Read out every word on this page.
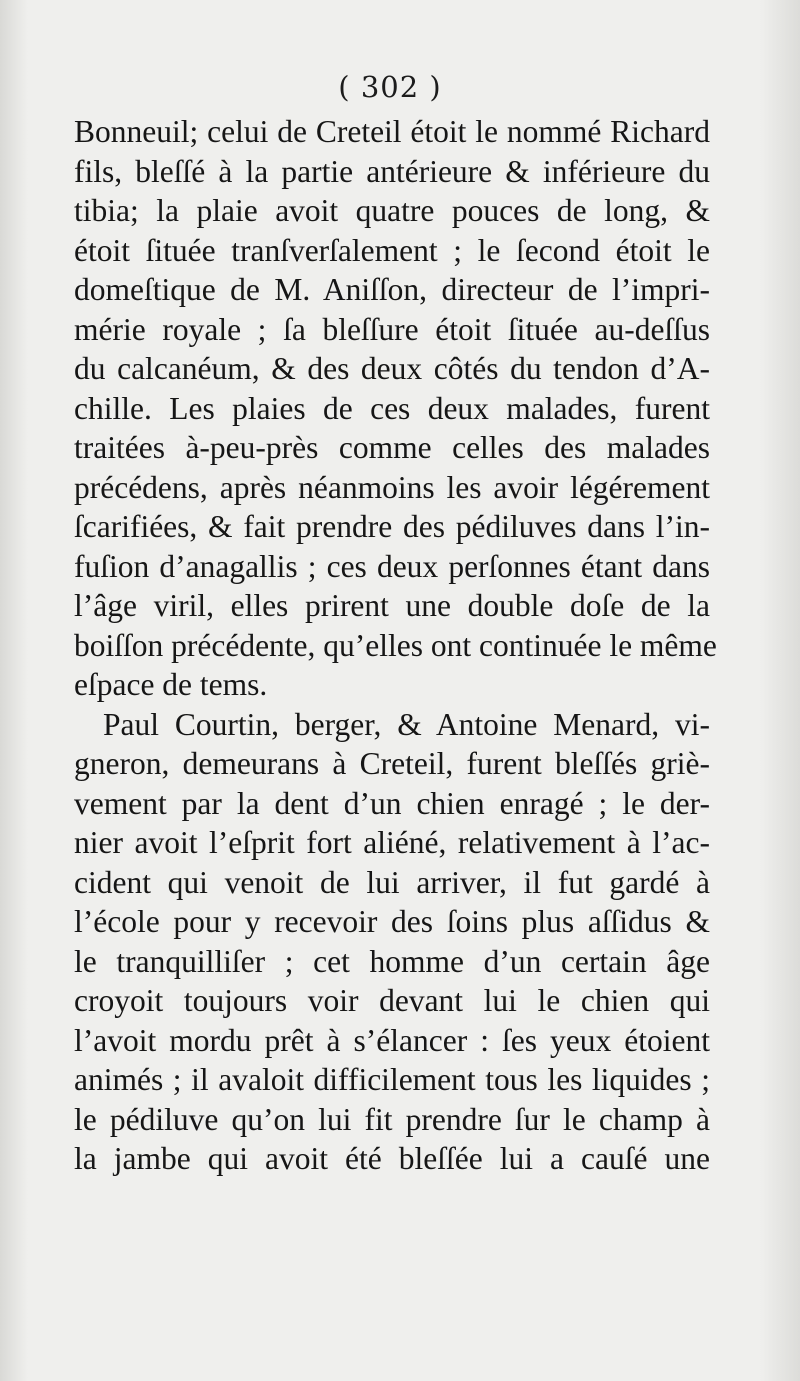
( 302 )
Bonneuil; celui de Creteil étoit le nommé Richard
fils, bleſſé à la partie antérieure & inférieure du
tibia; la plaie avoit quatre pouces de long, &
étoit ſituée tranſverſalement ; le ſecond étoit le
domeſtique de M. Aniſſon, directeur de l’impri-
mérie royale ; ſa bleſſure étoit ſituée au-deſſus
du calcanéum, & des deux côtés du tendon d’A-
chille. Les plaies de ces deux malades, furent
traitées à-peu-près comme celles des malades
précédens, après néanmoins les avoir légérement
ſcarifiées, & fait prendre des pédiluves dans l’in-
fuſion d’anagallis ; ces deux perſonnes étant dans
l’âge viril, elles prirent une double doſe de la
boiſſon précédente, qu’elles ont continuée le même
eſpace de tems.
Paul Courtin, berger, & Antoine Menard, vi-
gneron, demeurans à Creteil, furent bleſſés griè-
vement par la dent d’un chien enragé ; le der-
nier avoit l’eſprit fort aliéné, relativement à l’ac-
cident qui venoit de lui arriver, il fut gardé à
l’école pour y recevoir des ſoins plus aſſidus &
le tranquilliſer ; cet homme d’un certain âge
croyoit toujours voir devant lui le chien qui
l’avoit mordu prêt à s’élancer : ſes yeux étoient
animés ; il avaloit difficilement tous les liquides ;
le pédiluve qu’on lui fit prendre ſur le champ à
la jambe qui avoit été bleſſée lui a cauſé une
